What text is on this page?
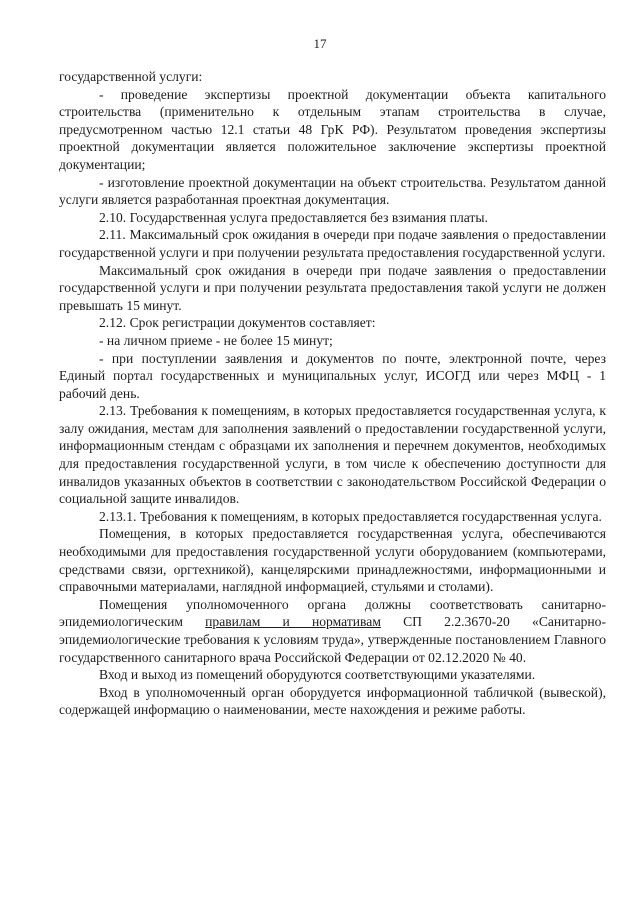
17

государственной услуги:

- проведение экспертизы проектной документации объекта капитального строительства (применительно к отдельным этапам строительства в случае, предусмотренном частью 12.1 статьи 48 ГрК РФ). Результатом проведения экспертизы проектной документации является положительное заключение экспертизы проектной документации;

- изготовление проектной документации на объект строительства. Результатом данной услуги является разработанная проектная документация.

2.10. Государственная услуга предоставляется без взимания платы.

2.11. Максимальный срок ожидания в очереди при подаче заявления о предоставлении государственной услуги и при получении результата предоставления государственной услуги.

Максимальный срок ожидания в очереди при подаче заявления о предоставлении государственной услуги и при получении результата предоставления такой услуги не должен превышать 15 минут.

2.12. Срок регистрации документов составляет:

- на личном приеме - не более 15 минут;

- при поступлении заявления и документов по почте, электронной почте, через Единый портал государственных и муниципальных услуг, ИСОГД или через МФЦ - 1 рабочий день.

2.13. Требования к помещениям, в которых предоставляется государственная услуга, к залу ожидания, местам для заполнения заявлений о предоставлении государственной услуги, информационным стендам с образцами их заполнения и перечнем документов, необходимых для предоставления государственной услуги, в том числе к обеспечению доступности для инвалидов указанных объектов в соответствии с законодательством Российской Федерации о социальной защите инвалидов.

2.13.1. Требования к помещениям, в которых предоставляется государственная услуга.

Помещения, в которых предоставляется государственная услуга, обеспечиваются необходимыми для предоставления государственной услуги оборудованием (компьютерами, средствами связи, оргтехникой), канцелярскими принадлежностями, информационными и справочными материалами, наглядной информацией, стульями и столами).

Помещения уполномоченного органа должны соответствовать санитарно-эпидемиологическим правилам и нормативам СП 2.2.3670-20 «Санитарно-эпидемиологические требования к условиям труда», утвержденные постановлением Главного государственного санитарного врача Российской Федерации от 02.12.2020 № 40.

Вход и выход из помещений оборудуются соответствующими указателями.

Вход в уполномоченный орган оборудуется информационной табличкой (вывеской), содержащей информацию о наименовании, месте нахождения и режиме работы.
